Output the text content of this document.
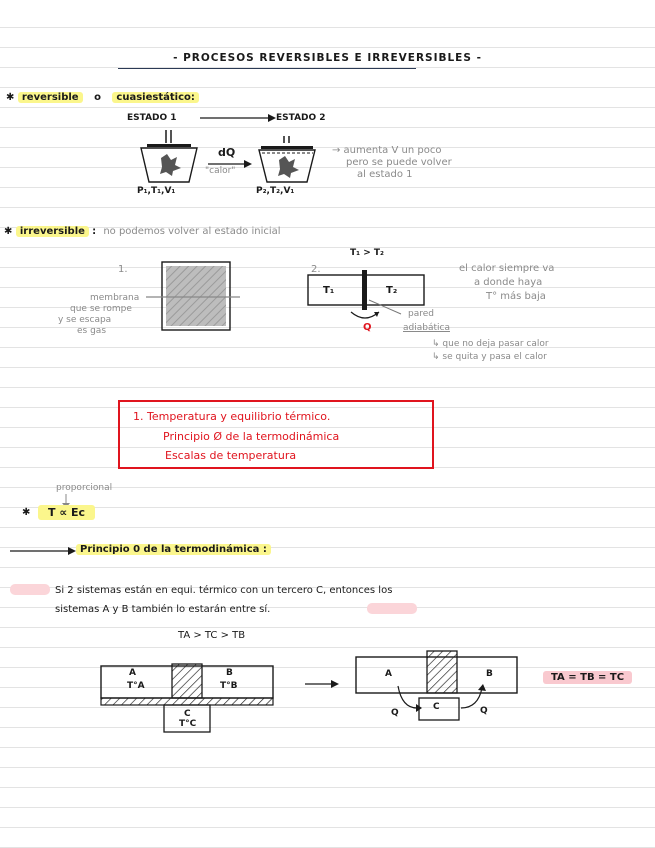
- PROCESOS REVERSIBLES E IRREVERSIBLES -
✱ reversible o cuasiestático:
ESTADO 1	ESTADO 2
P₁,T₁,V₁
dQ
"calor"
P₂,T₂,V₁
→ aumenta V un poco
pero se puede volver
al estado 1
✱ irreversible : no podemos volver al estado inicial
1.
membrana
que se rompe
y se escapa
es gas
2.
T₁ > T₂
T₁	T₂
Q
pared
adiabática
↳ que no deja pasar calor
↳ se quita y pasa el calor
el calor siempre va
a donde haya
T° más baja
1. Temperatura y equilibrio térmico.
Principio Ø de la termodinámica
Escalas de temperatura
proporcional
✱	T ∝ Ec
Principio 0 de la termodinámica :
Si 2 sistemas están en equi. térmico con un tercero C, entonces los
sistemas A y B también lo estarán entre sí.
TA > TC > TB
A
T°A
B
T°B
C
T°C
A	B
C
Q	Q
TA = TB = TC
